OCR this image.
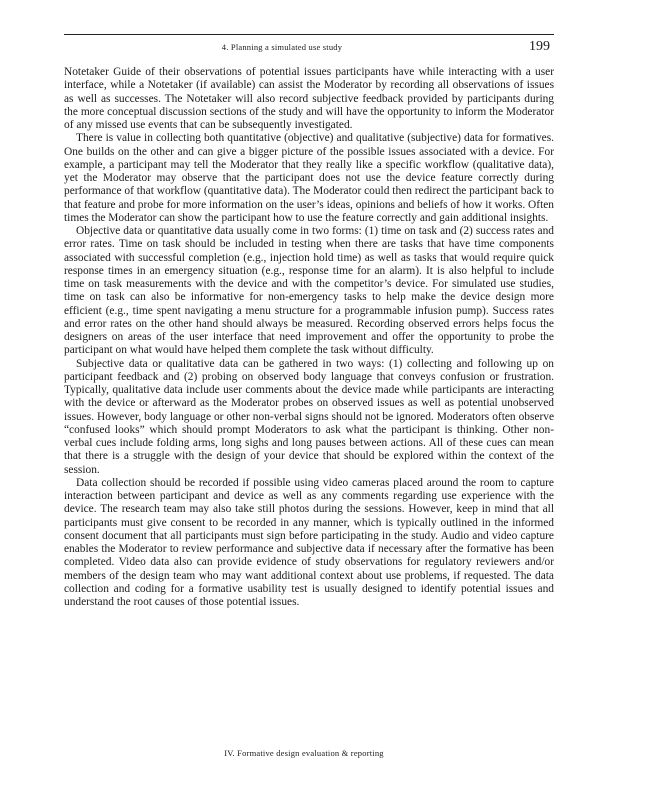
4. Planning a simulated use study	199

Notetaker Guide of their observations of potential issues participants have while interacting with a user interface, while a Notetaker (if available) can assist the Moderator by recording all observations of issues as well as successes. The Notetaker will also record subjective feedback provided by participants during the more conceptual discussion sections of the study and will have the opportunity to inform the Moderator of any missed use events that can be subsequently investigated.

There is value in collecting both quantitative (objective) and qualitative (subjective) data for formatives. One builds on the other and can give a bigger picture of the possible issues associated with a device. For example, a participant may tell the Moderator that they really like a specific workflow (qualitative data), yet the Moderator may observe that the participant does not use the device feature correctly during performance of that workflow (quantitative data). The Moderator could then redirect the participant back to that feature and probe for more information on the user’s ideas, opinions and beliefs of how it works. Often times the Moderator can show the participant how to use the feature correctly and gain additional insights.

Objective data or quantitative data usually come in two forms: (1) time on task and (2) success rates and error rates. Time on task should be included in testing when there are tasks that have time components associated with successful completion (e.g., injection hold time) as well as tasks that would require quick response times in an emergency situation (e.g., response time for an alarm). It is also helpful to include time on task measurements with the device and with the competitor’s device. For simulated use studies, time on task can also be informative for non-emergency tasks to help make the device design more efficient (e.g., time spent navigating a menu structure for a programmable infusion pump). Success rates and error rates on the other hand should always be measured. Recording observed errors helps focus the designers on areas of the user interface that need improvement and offer the opportunity to probe the participant on what would have helped them complete the task without difficulty.

Subjective data or qualitative data can be gathered in two ways: (1) collecting and following up on participant feedback and (2) probing on observed body language that conveys confusion or frustration. Typically, qualitative data include user comments about the device made while participants are interacting with the device or afterward as the Moderator probes on observed issues as well as potential unobserved issues. However, body language or other non-verbal signs should not be ignored. Moderators often observe “confused looks” which should prompt Moderators to ask what the participant is thinking. Other non-verbal cues include folding arms, long sighs and long pauses between actions. All of these cues can mean that there is a struggle with the design of your device that should be explored within the context of the session.

Data collection should be recorded if possible using video cameras placed around the room to capture interaction between participant and device as well as any comments regarding use experience with the device. The research team may also take still photos during the sessions. However, keep in mind that all participants must give consent to be recorded in any manner, which is typically outlined in the informed consent document that all participants must sign before participating in the study. Audio and video capture enables the Moderator to review performance and subjective data if necessary after the formative has been completed. Video data also can provide evidence of study observations for regulatory reviewers and/or members of the design team who may want additional context about use problems, if requested. The data collection and coding for a formative usability test is usually designed to identify potential issues and understand the root causes of those potential issues.

IV. Formative design evaluation & reporting
